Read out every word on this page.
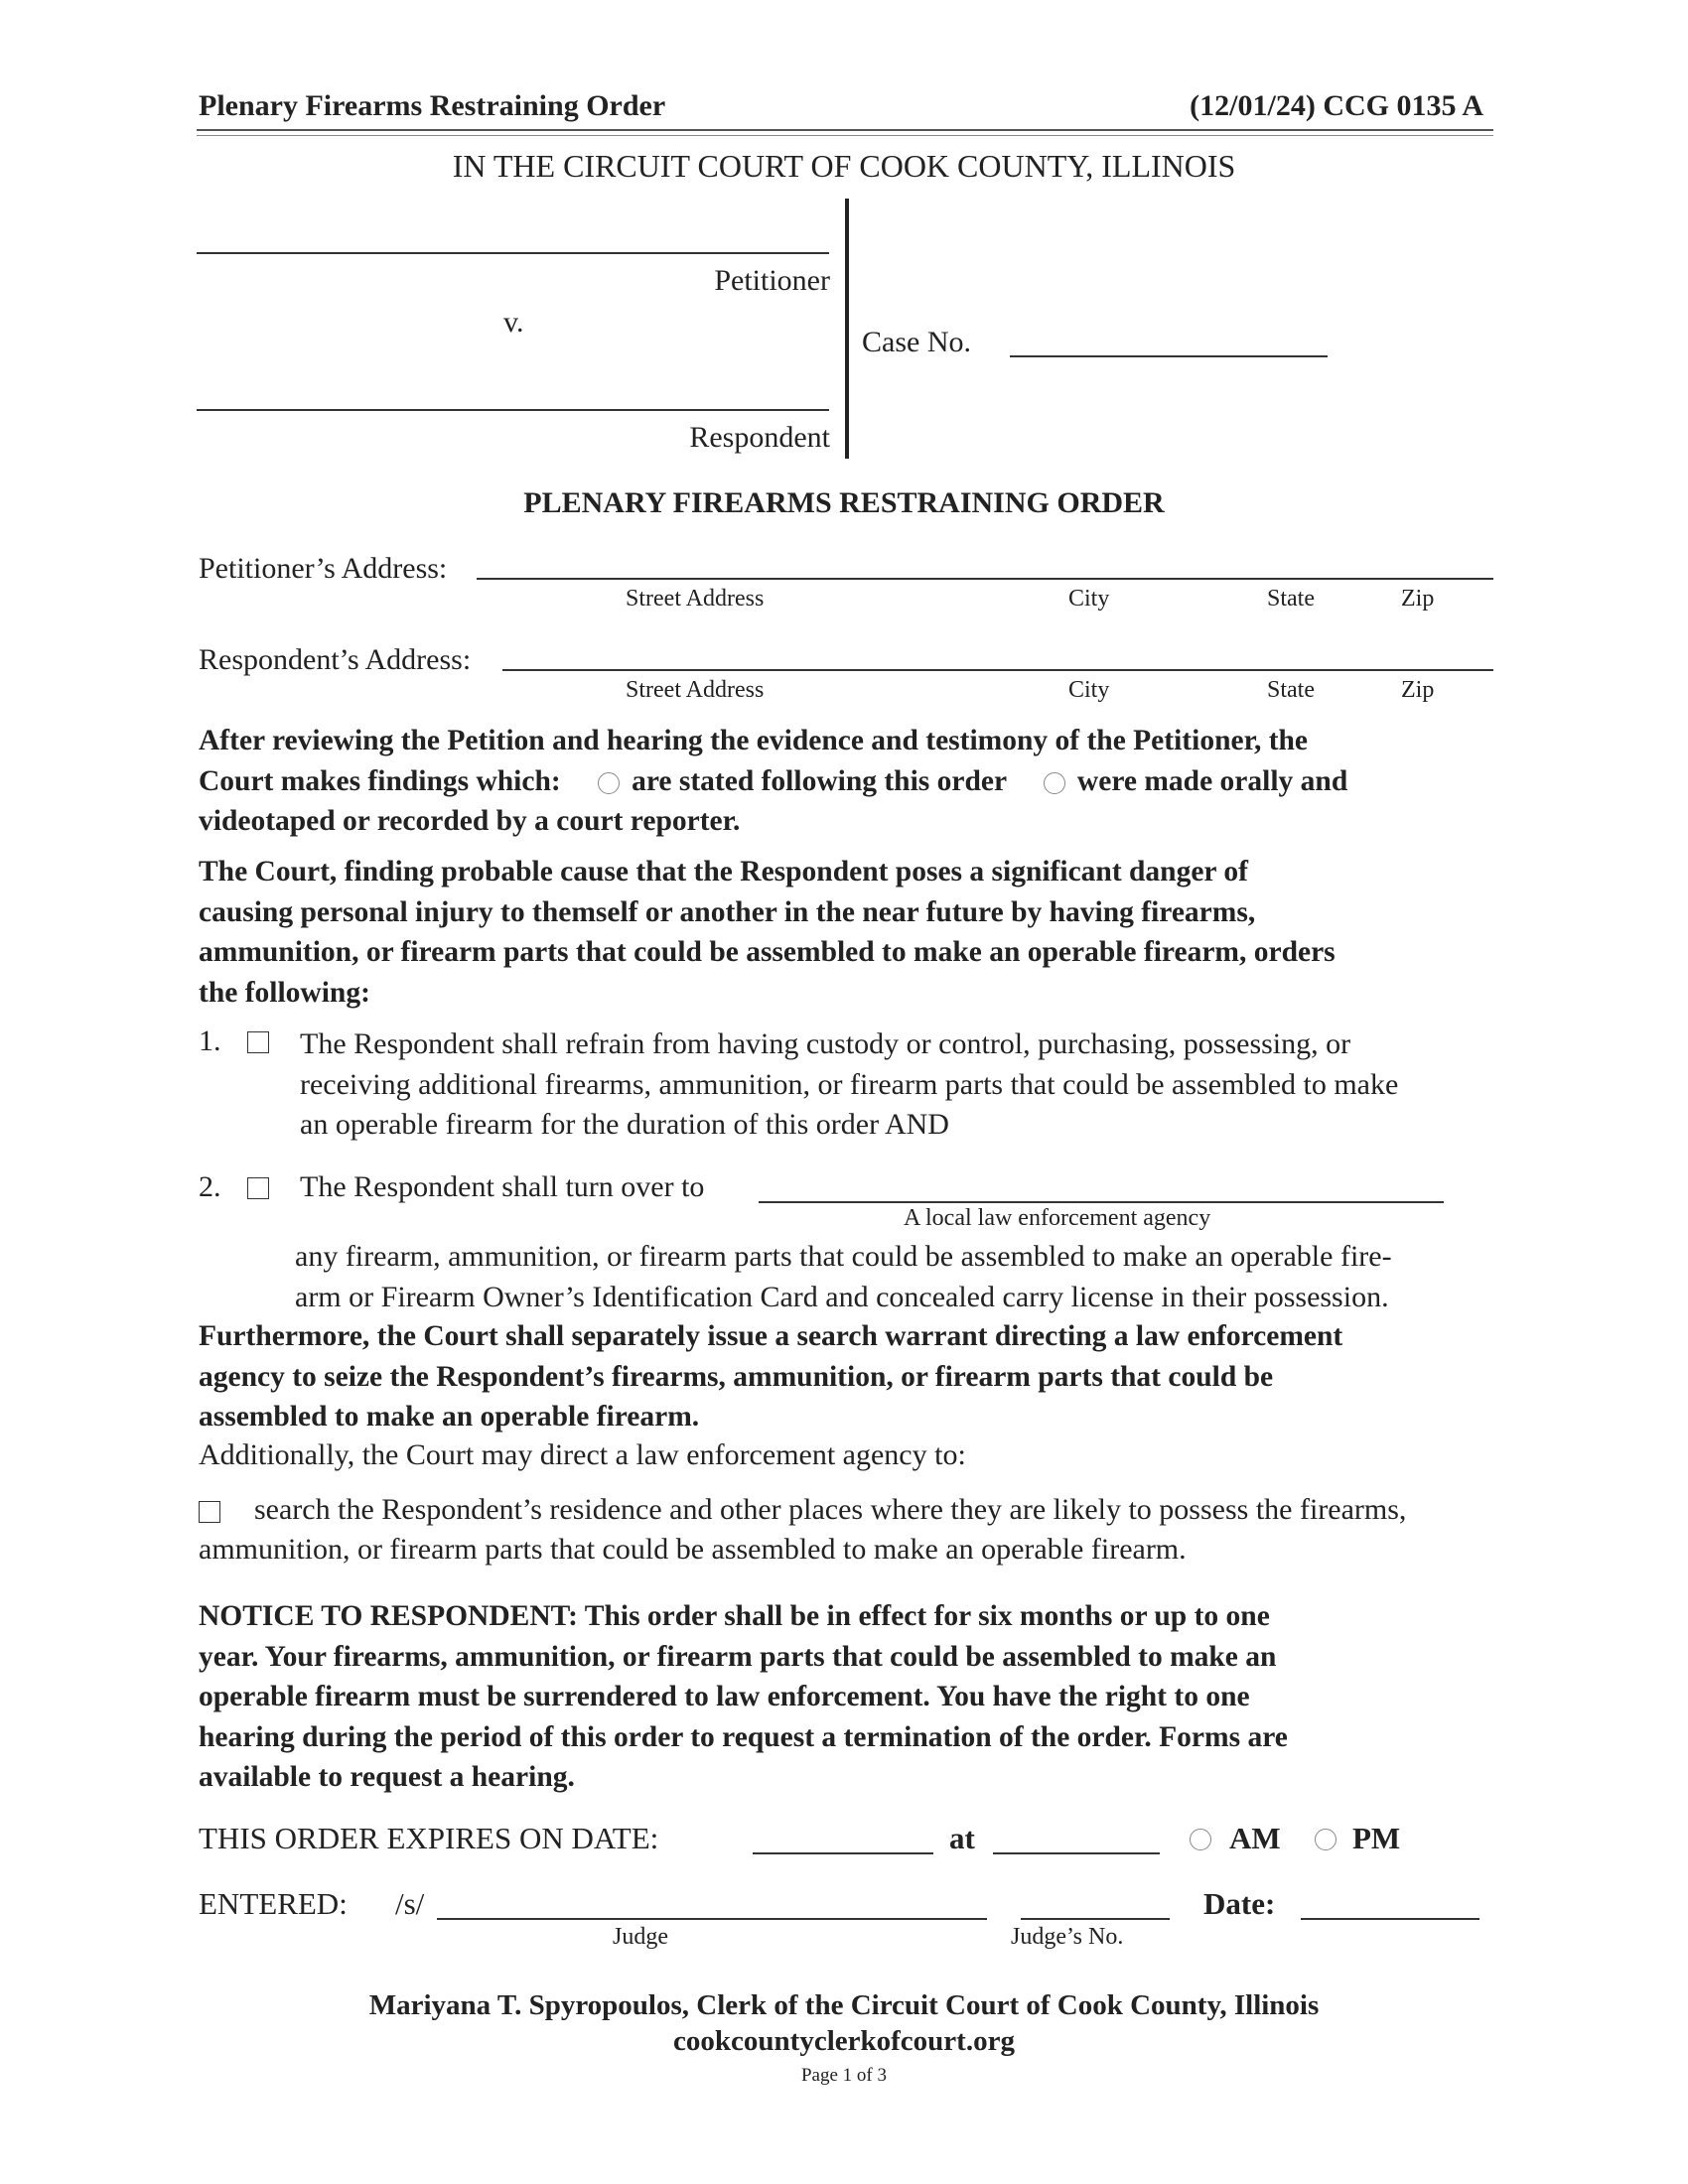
Plenary Firearms Restraining Order	(12/01/24) CCG 0135 A
IN THE CIRCUIT COURT OF COOK COUNTY, ILLINOIS
Petitioner
v.
Respondent
Case No.
PLENARY FIREARMS RESTRAINING ORDER
Petitioner’s Address:
Street Address	City	State	Zip
Respondent’s Address:
Street Address	City	State	Zip
After reviewing the Petition and hearing the evidence and testimony of the Petitioner, the
Court makes findings which: are stated following this order were made orally and
videotaped or recorded by a court reporter.
The Court, finding probable cause that the Respondent poses a significant danger of
causing personal injury to themself or another in the near future by having firearms,
ammunition, or firearm parts that could be assembled to make an operable firearm, orders
the following:
1.	The Respondent shall refrain from having custody or control, purchasing, possessing, or
receiving additional firearms, ammunition, or firearm parts that could be assembled to make
an operable firearm for the duration of this order AND
2.	The Respondent shall turn over to
A local law enforcement agency
any firearm, ammunition, or firearm parts that could be assembled to make an operable fire-
arm or Firearm Owner’s Identification Card and concealed carry license in their possession.
Furthermore, the Court shall separately issue a search warrant directing a law enforcement
agency to seize the Respondent’s firearms, ammunition, or firearm parts that could be
assembled to make an operable firearm.
Additionally, the Court may direct a law enforcement agency to:
search the Respondent’s residence and other places where they are likely to possess the firearms,
ammunition, or firearm parts that could be assembled to make an operable firearm.
NOTICE TO RESPONDENT: This order shall be in effect for six months or up to one
year. Your firearms, ammunition, or firearm parts that could be assembled to make an
operable firearm must be surrendered to law enforcement. You have the right to one
hearing during the period of this order to request a termination of the order. Forms are
available to request a hearing.
THIS ORDER EXPIRES ON DATE:	at	AM PM
ENTERED: /s/
Judge	Judge’s No.
Date:
Mariyana T. Spyropoulos, Clerk of the Circuit Court of Cook County, Illinois
cookcountyclerkofcourt.org
Page 1 of 3
